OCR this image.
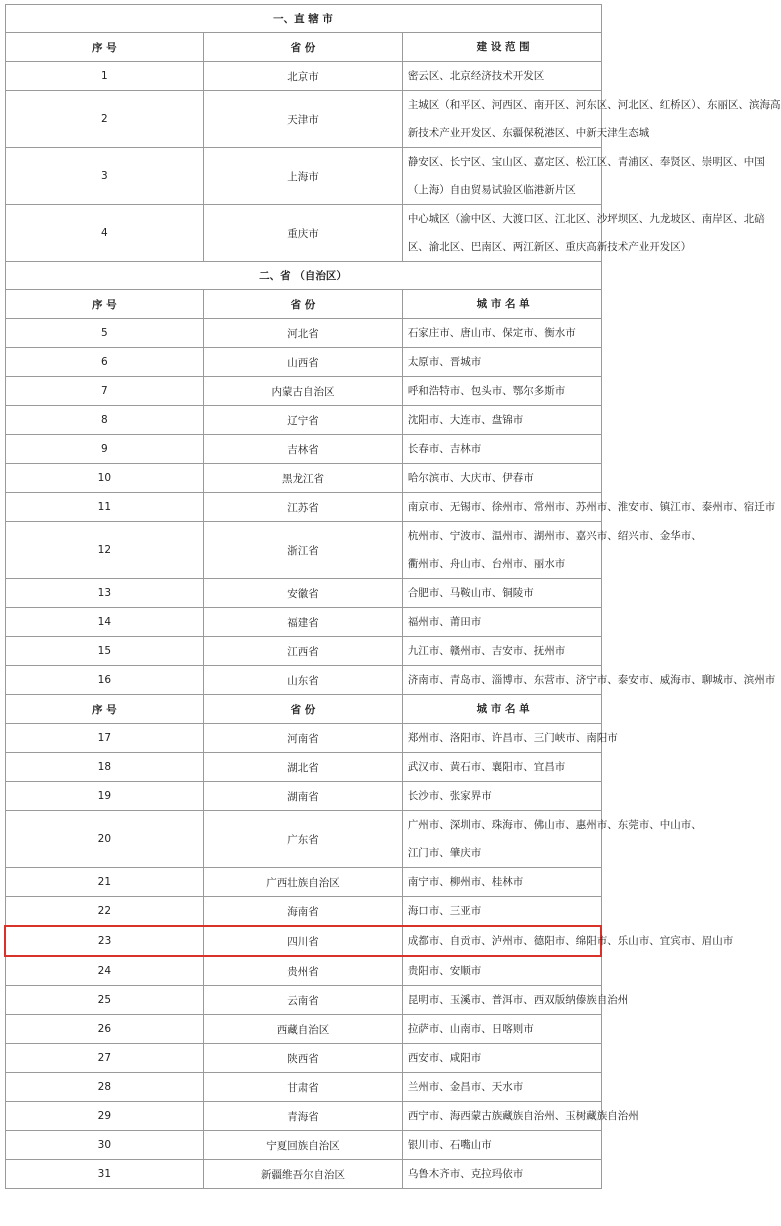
一、直 辖 市		
序 号	省 份	建 设 范 围
1	北京市	密云区、北京经济技术开发区

2	天津市	主城区（和平区、河西区、南开区、河东区、河北区、红桥区）、东丽区、滨海高
新技术产业开发区、东疆保税港区、中新天津生态城

3	上海市	静安区、长宁区、宝山区、嘉定区、松江区、青浦区、奉贤区、崇明区、中国
（上海）自由贸易试验区临港新片区

4	重庆市	中心城区（渝中区、大渡口区、江北区、沙坪坝区、九龙坡区、南岸区、北碚
区、渝北区、巴南区、两江新区、重庆高新技术产业开发区）

二、省 （自治区）		
序 号	省 份	城 市 名 单
5	河北省	石家庄市、唐山市、保定市、衡水市

6	山西省	太原市、晋城市

7	内蒙古自治区	呼和浩特市、包头市、鄂尔多斯市

8	辽宁省	沈阳市、大连市、盘锦市

9	吉林省	长春市、吉林市

10	黑龙江省	哈尔滨市、大庆市、伊春市

11	江苏省	南京市、无锡市、徐州市、常州市、苏州市、淮安市、镇江市、泰州市、宿迁市

12	浙江省	杭州市、宁波市、温州市、湖州市、嘉兴市、绍兴市、金华市、
衢州市、舟山市、台州市、丽水市

13	安徽省	合肥市、马鞍山市、铜陵市

14	福建省	福州市、莆田市

15	江西省	九江市、赣州市、吉安市、抚州市

16	山东省	济南市、青岛市、淄博市、东营市、济宁市、泰安市、威海市、聊城市、滨州市

序 号	省 份	城 市 名 单
17	河南省	郑州市、洛阳市、许昌市、三门峡市、南阳市

18	湖北省	武汉市、黄石市、襄阳市、宜昌市

19	湖南省	长沙市、张家界市

20	广东省	广州市、深圳市、珠海市、佛山市、惠州市、东莞市、中山市、
江门市、肇庆市

21	广西壮族自治区	南宁市、柳州市、桂林市

22	海南省	海口市、三亚市

23	四川省	成都市、自贡市、泸州市、德阳市、绵阳市、乐山市、宜宾市、眉山市

24	贵州省	贵阳市、安顺市

25	云南省	昆明市、玉溪市、普洱市、西双版纳傣族自治州

26	西藏自治区	拉萨市、山南市、日喀则市

27	陕西省	西安市、咸阳市

28	甘肃省	兰州市、金昌市、天水市

29	青海省	西宁市、海西蒙古族藏族自治州、玉树藏族自治州

30	宁夏回族自治区	银川市、石嘴山市

31	新疆维吾尔自治区	乌鲁木齐市、克拉玛依市
